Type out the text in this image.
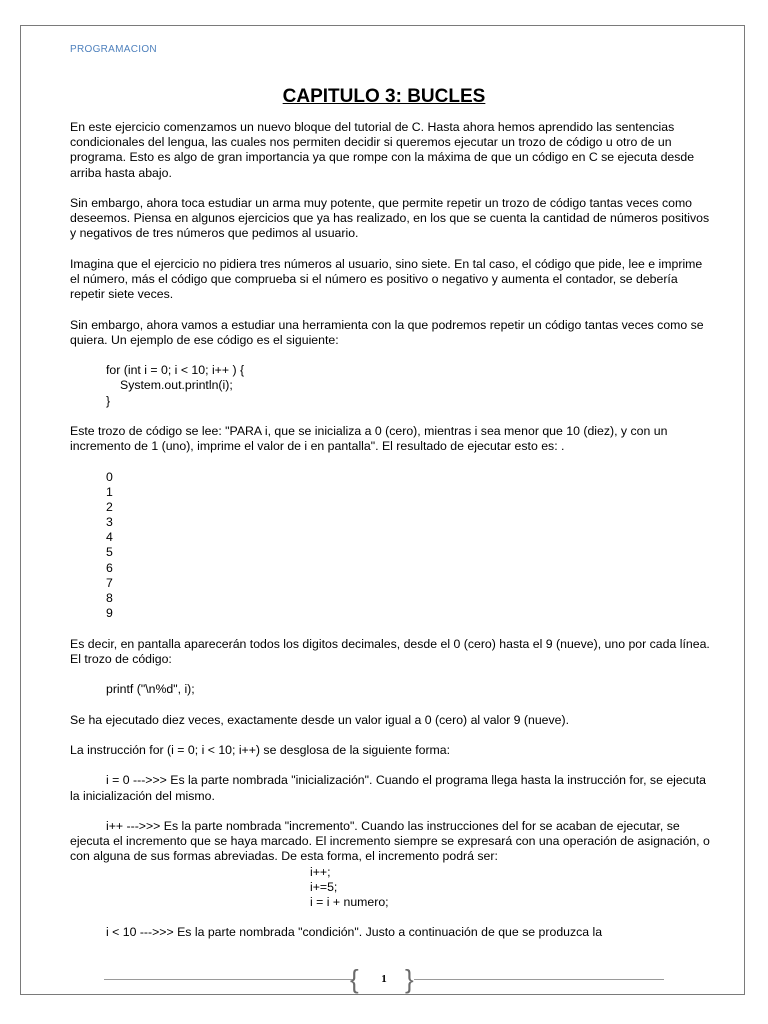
PROGRAMACION
CAPITULO 3: BUCLES

En este ejercicio comenzamos un nuevo bloque del tutorial de C. Hasta ahora hemos aprendido las sentencias condicionales del lengua, las cuales nos permiten decidir si queremos ejecutar un trozo de código u otro de un programa. Esto es algo de gran importancia ya que rompe con la máxima de que un código en C se ejecuta desde arriba hasta abajo.

Sin embargo, ahora toca estudiar un arma muy potente, que permite repetir un trozo de código tantas veces como deseemos. Piensa en algunos ejercicios que ya has realizado, en los que se cuenta la cantidad de números positivos y negativos de tres números que pedimos al usuario.

Imagina que el ejercicio no pidiera tres números al usuario, sino siete. En tal caso, el código que pide, lee e imprime el número, más el código que comprueba si el número es positivo o negativo y aumenta el contador, se debería repetir siete veces.

Sin embargo, ahora vamos a estudiar una herramienta con la que podremos repetir un código tantas veces como se quiera. Un ejemplo de ese código es el siguiente:

for (int i = 0; i < 10; i++ ) {
System.out.println(i);
}

Este trozo de código se lee: "PARA i, que se inicializa a 0 (cero), mientras i sea menor que 10 (diez), y con un incremento de 1 (uno), imprime el valor de i en pantalla". El resultado de ejecutar esto es: .

0
1
2
3
4
5
6
7
8
9

Es decir, en pantalla aparecerán todos los digitos decimales, desde el 0 (cero) hasta el 9 (nueve), uno por cada línea. El trozo de código:

printf ("\n%d", i);

Se ha ejecutado diez veces, exactamente desde un valor igual a 0 (cero) al valor 9 (nueve).

La instrucción for (i = 0; i < 10; i++) se desglosa de la siguiente forma:

i = 0 --->>> Es la parte nombrada "inicialización". Cuando el programa llega hasta la instrucción for, se ejecuta la inicialización del mismo.

i++ --->>> Es la parte nombrada "incremento". Cuando las instrucciones del for se acaban de ejecutar, se ejecuta el incremento que se haya marcado. El incremento siempre se expresará con una operación de asignación, o con alguna de sus formas abreviadas. De esta forma, el incremento podrá ser:

i++;
i+=5;
i = i + numero;

i < 10 --->>> Es la parte nombrada "condición". Justo a continuación de que se produzca la

{ }
1
